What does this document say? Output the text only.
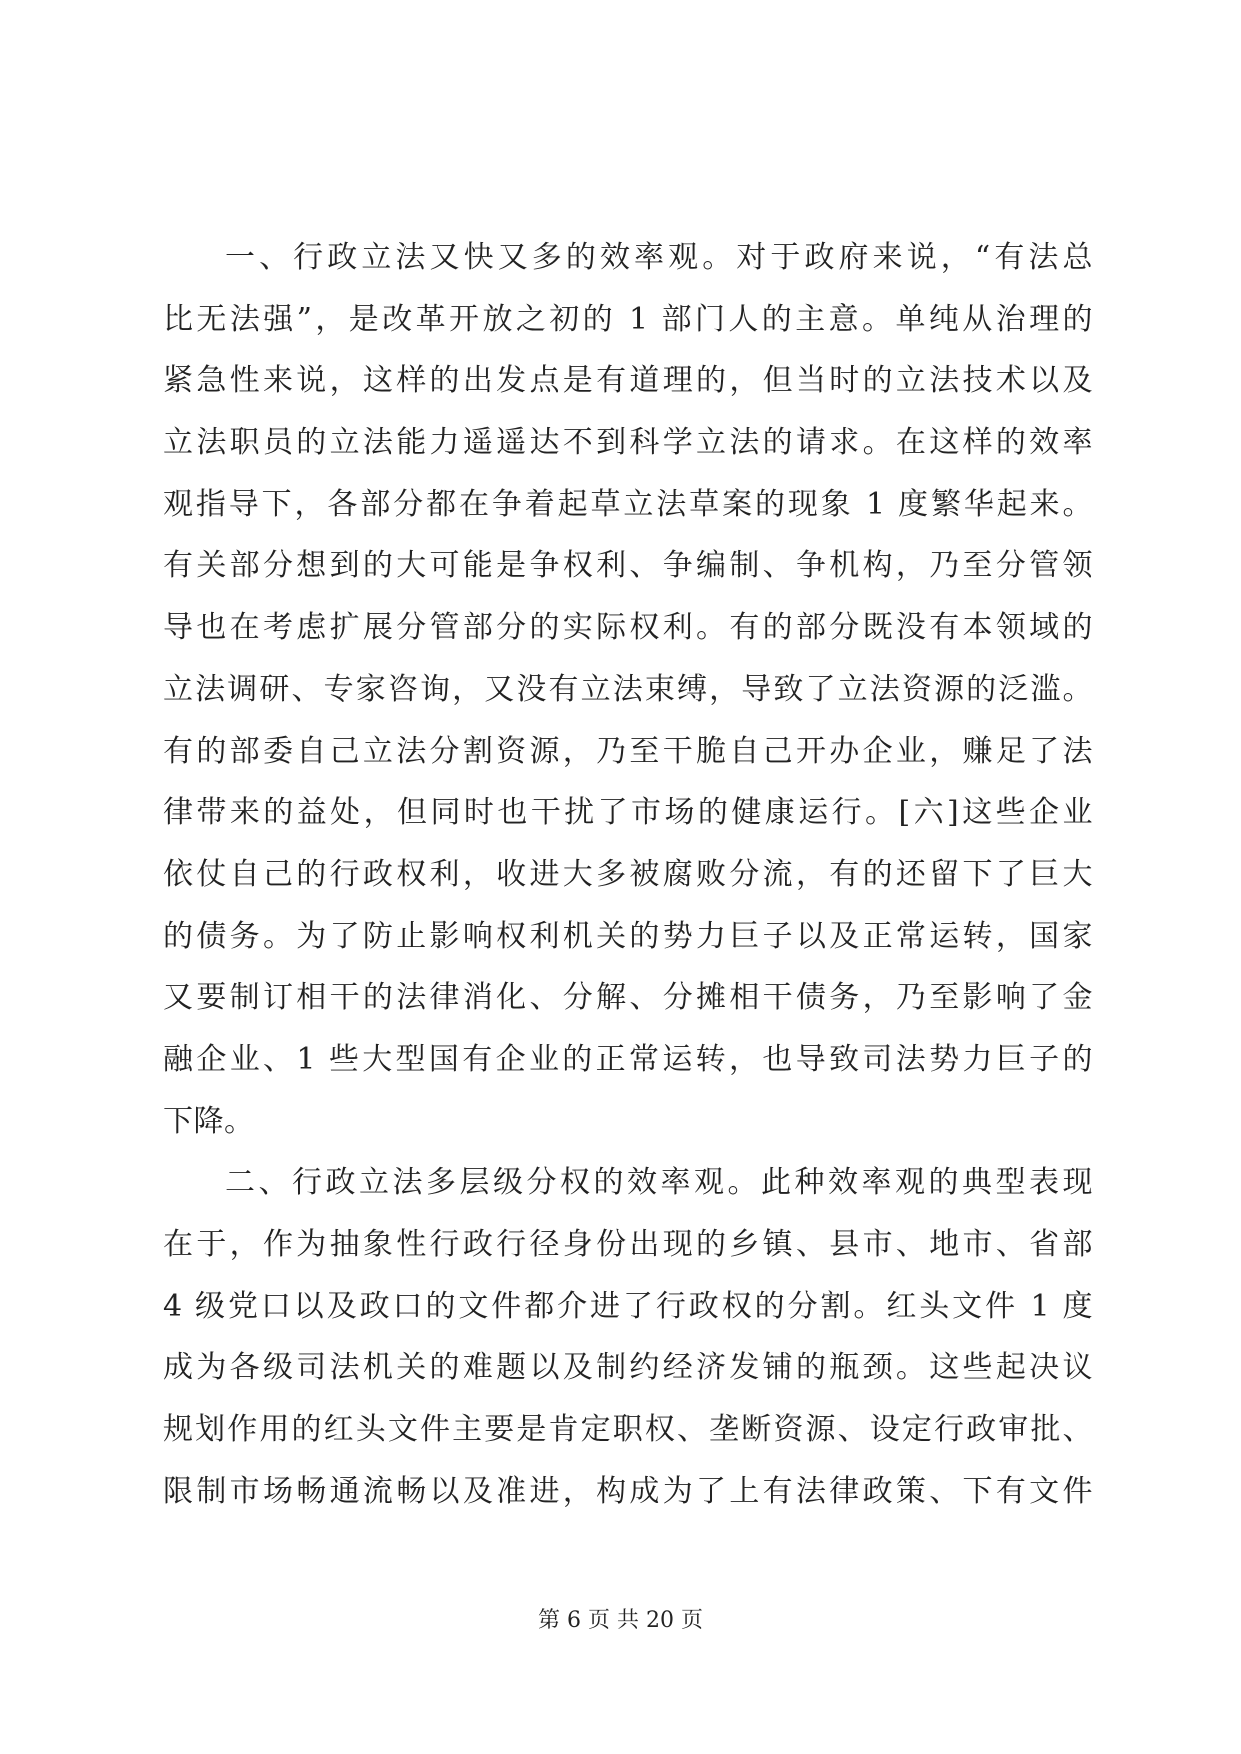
一、行政立法又快又多的效率观。对于政府来说，“有法总
比无法强”，是改革开放之初的 1 部门人的主意。单纯从治理的
紧急性来说，这样的出发点是有道理的，但当时的立法技术以及
立法职员的立法能力遥遥达不到科学立法的请求。在这样的效率
观指导下，各部分都在争着起草立法草案的现象 1 度繁华起来。
有关部分想到的大可能是争权利、争编制、争机构，乃至分管领
导也在考虑扩展分管部分的实际权利。有的部分既没有本领域的
立法调研、专家咨询，又没有立法束缚，导致了立法资源的泛滥。
有的部委自己立法分割资源，乃至干脆自己开办企业，赚足了法
律带来的益处，但同时也干扰了市场的健康运行。[六]这些企业
依仗自己的行政权利，收进大多被腐败分流，有的还留下了巨大
的债务。为了防止影响权利机关的势力巨子以及正常运转，国家
又要制订相干的法律消化、分解、分摊相干债务，乃至影响了金
融企业、1 些大型国有企业的正常运转，也导致司法势力巨子的
下降。
二、行政立法多层级分权的效率观。此种效率观的典型表现
在于，作为抽象性行政行径身份出现的乡镇、县市、地市、省部
4 级党口以及政口的文件都介进了行政权的分割。红头文件 1 度
成为各级司法机关的难题以及制约经济发铺的瓶颈。这些起决议
规划作用的红头文件主要是肯定职权、垄断资源、设定行政审批、
限制市场畅通流畅以及准进，构成为了上有法律政策、下有文件
第 6 页 共 20 页
